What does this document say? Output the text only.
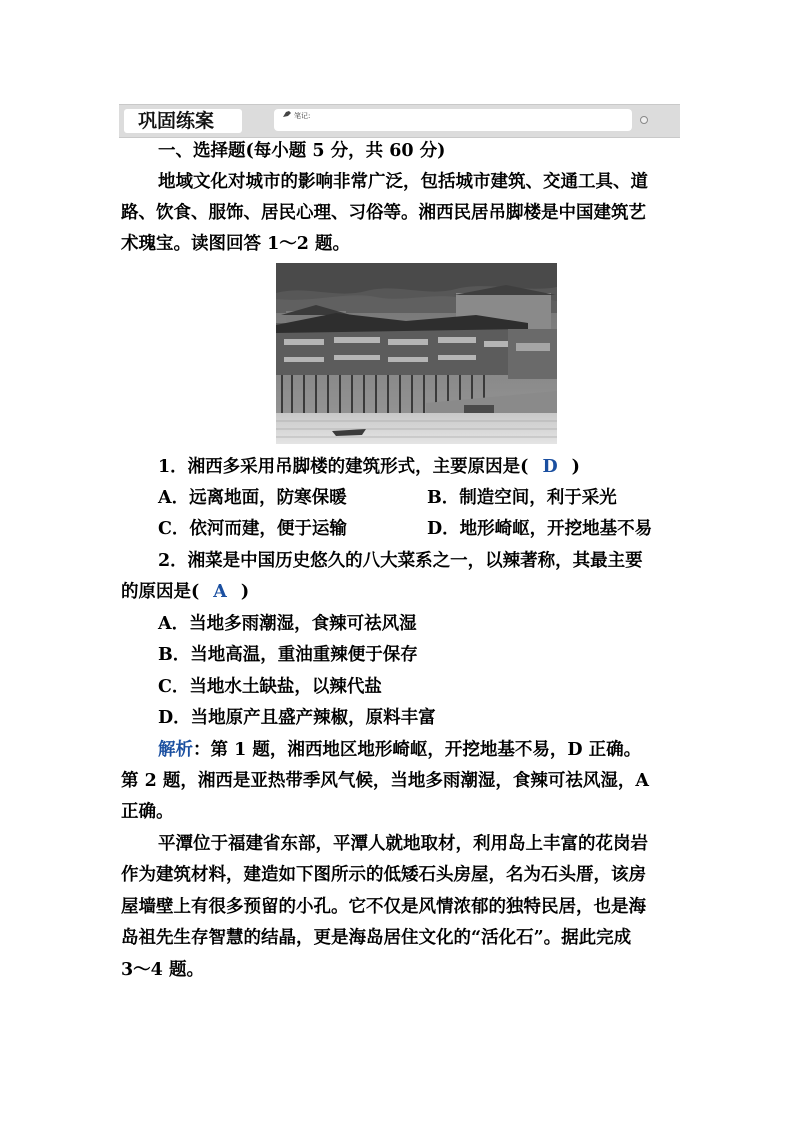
巩固练案	笔记:
一、选择题(每小题 5 分，共 60 分)
地域文化对城市的影响非常广泛，包括城市建筑、交通工具、道
路、饮食、服饰、居民心理、习俗等。湘西民居吊脚楼是中国建筑艺
术瑰宝。读图回答 1～2 题。
1．湘西多采用吊脚楼的建筑形式，主要原因是( D )
A．远离地面，防寒保暖	B．制造空间，利于采光
C．依河而建，便于运输	D．地形崎岖，开挖地基不易
2．湘菜是中国历史悠久的八大菜系之一，以辣著称，其最主要
的原因是( A )
A．当地多雨潮湿，食辣可祛风湿
B．当地高温，重油重辣便于保存
C．当地水土缺盐，以辣代盐
D．当地原产且盛产辣椒，原料丰富
解析：第 1 题，湘西地区地形崎岖，开挖地基不易，D 正确。
第 2 题，湘西是亚热带季风气候，当地多雨潮湿，食辣可祛风湿，A
正确。
平潭位于福建省东部，平潭人就地取材，利用岛上丰富的花岗岩
作为建筑材料，建造如下图所示的低矮石头房屋，名为石头厝，该房
屋墙壁上有很多预留的小孔。它不仅是风情浓郁的独特民居，也是海
岛祖先生存智慧的结晶，更是海岛居住文化的“活化石”。据此完成
3～4 题。
